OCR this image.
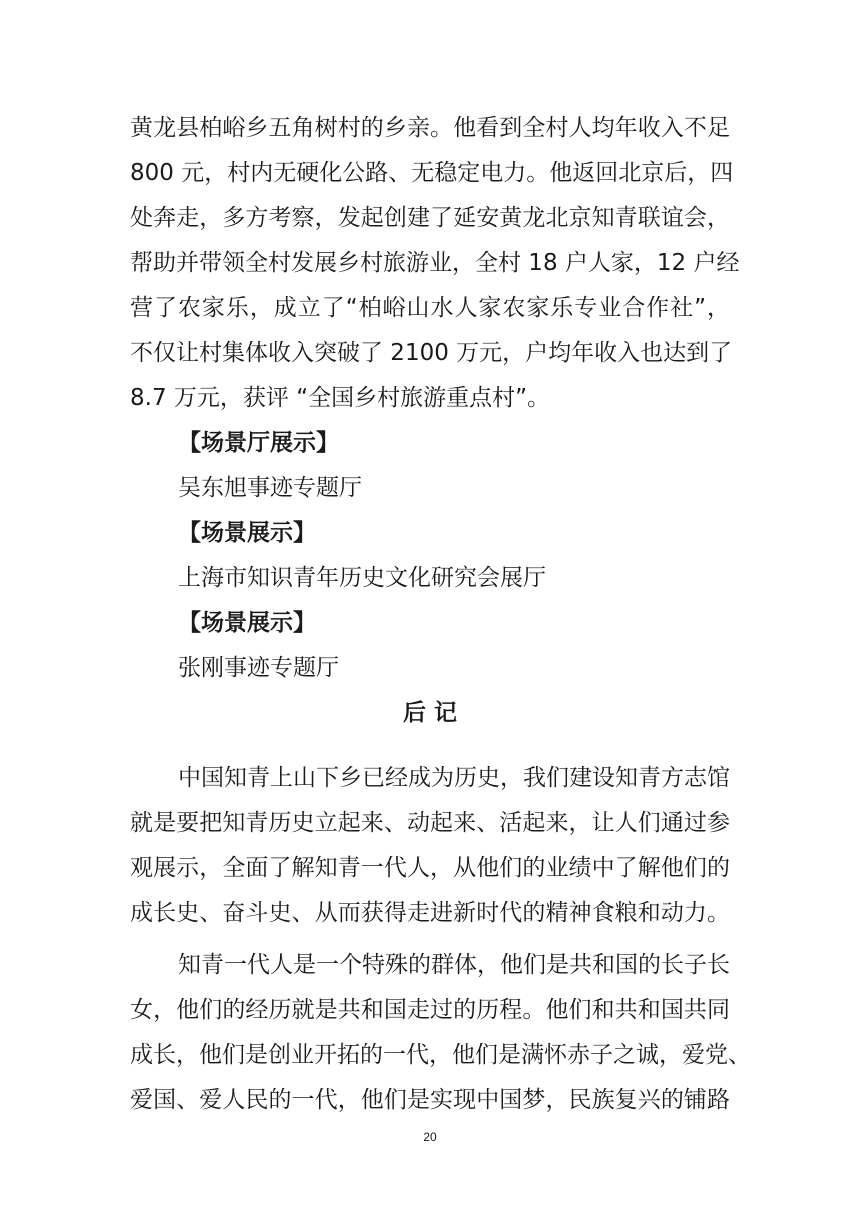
黄龙县柏峪乡五角树村的乡亲。他看到全村人均年收入不足
800 元，村内无硬化公路、无稳定电力。他返回北京后，四
处奔走，多方考察，发起创建了延安黄龙北京知青联谊会，
帮助并带领全村发展乡村旅游业，全村 18 户人家，12 户经
营了农家乐，成立了“柏峪山水人家农家乐专业合作社”，
不仅让村集体收入突破了 2100 万元，户均年收入也达到了
8.7 万元，获评 “全国乡村旅游重点村”。
【场景厅展示】
吴东旭事迹专题厅
【场景展示】
上海市知识青年历史文化研究会展厅
【场景展示】
张刚事迹专题厅
后 记
中国知青上山下乡已经成为历史，我们建设知青方志馆
就是要把知青历史立起来、动起来、活起来，让人们通过参
观展示，全面了解知青一代人，从他们的业绩中了解他们的
成长史、奋斗史、从而获得走进新时代的精神食粮和动力。
知青一代人是一个特殊的群体，他们是共和国的长子长
女，他们的经历就是共和国走过的历程。他们和共和国共同
成长，他们是创业开拓的一代，他们是满怀赤子之诚，爱党、
爱国、爱人民的一代，他们是实现中国梦，民族复兴的铺路
20
